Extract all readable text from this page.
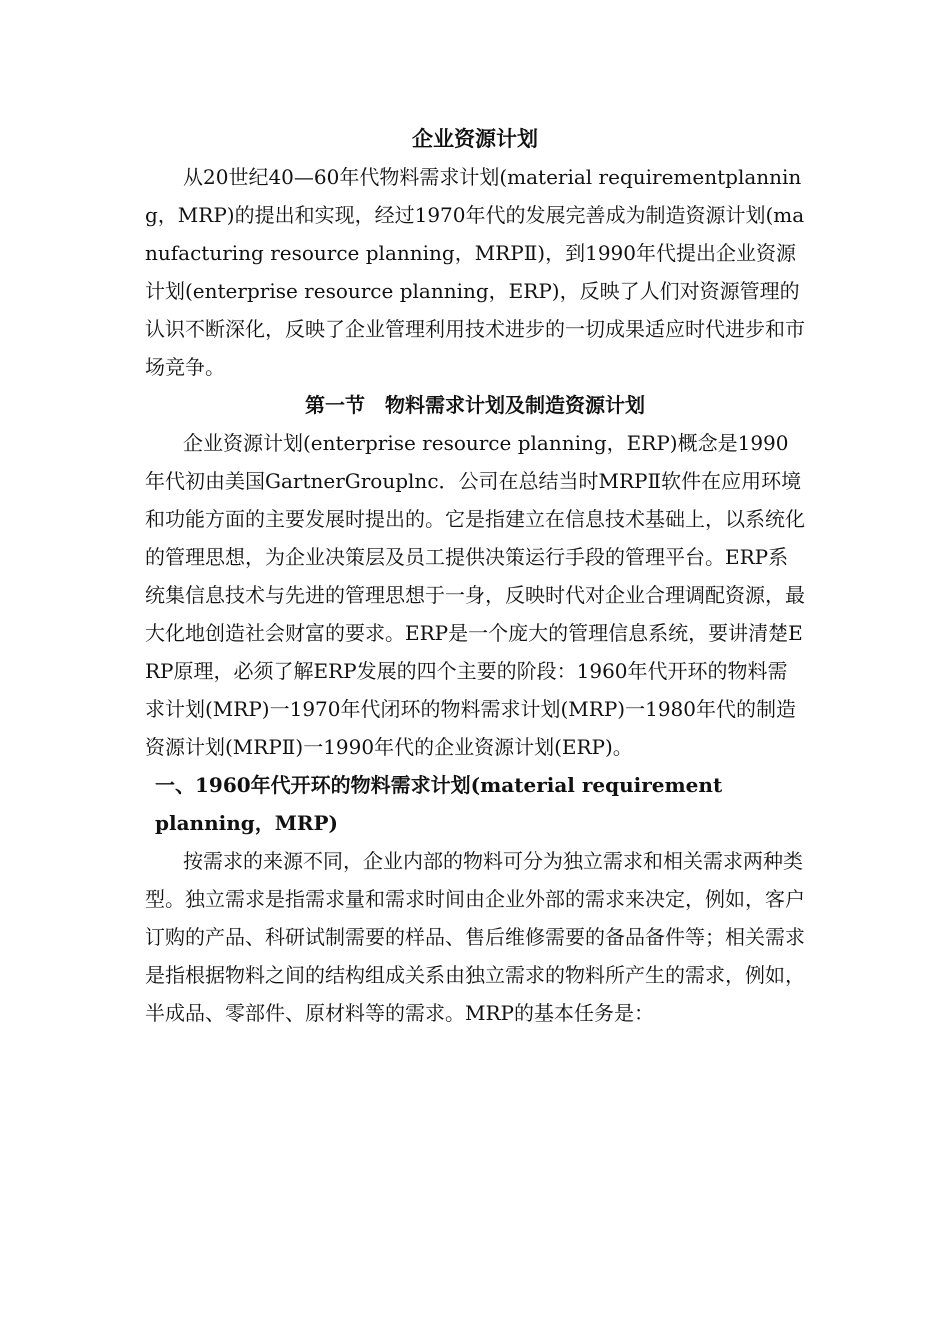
企业资源计划

从20世纪40—60年代物料需求计划(material requirementplanning，MRP)的提出和实现，经过1970年代的发展完善成为制造资源计划(manufacturing resource planning，MRPⅡ)，到1990年代提出企业资源计划(enterprise resource planning，ERP)，反映了人们对资源管理的认识不断深化，反映了企业管理利用技术进步的一切成果适应时代进步和市场竞争。

第一节　物料需求计划及制造资源计划

企业资源计划(enterprise resource planning，ERP)概念是1990年代初由美国GartnerGrouplnc．公司在总结当时MRPⅡ软件在应用环境和功能方面的主要发展时提出的。它是指建立在信息技术基础上，以系统化的管理思想，为企业决策层及员工提供决策运行手段的管理平台。ERP系统集信息技术与先进的管理思想于一身，反映时代对企业合理调配资源，最大化地创造社会财富的要求。ERP是一个庞大的管理信息系统，要讲清楚ERP原理，必须了解ERP发展的四个主要的阶段：1960年代开环的物料需求计划(MRP)一1970年代闭环的物料需求计划(MRP)一1980年代的制造资源计划(MRPⅡ)一1990年代的企业资源计划(ERP)。

一、1960年代开环的物料需求计划(material requirement planning，MRP)

按需求的来源不同，企业内部的物料可分为独立需求和相关需求两种类型。独立需求是指需求量和需求时间由企业外部的需求来决定，例如，客户订购的产品、科研试制需要的样品、售后维修需要的备品备件等；相关需求是指根据物料之间的结构组成关系由独立需求的物料所产生的需求，例如，半成品、零部件、原材料等的需求。MRP的基本任务是：
